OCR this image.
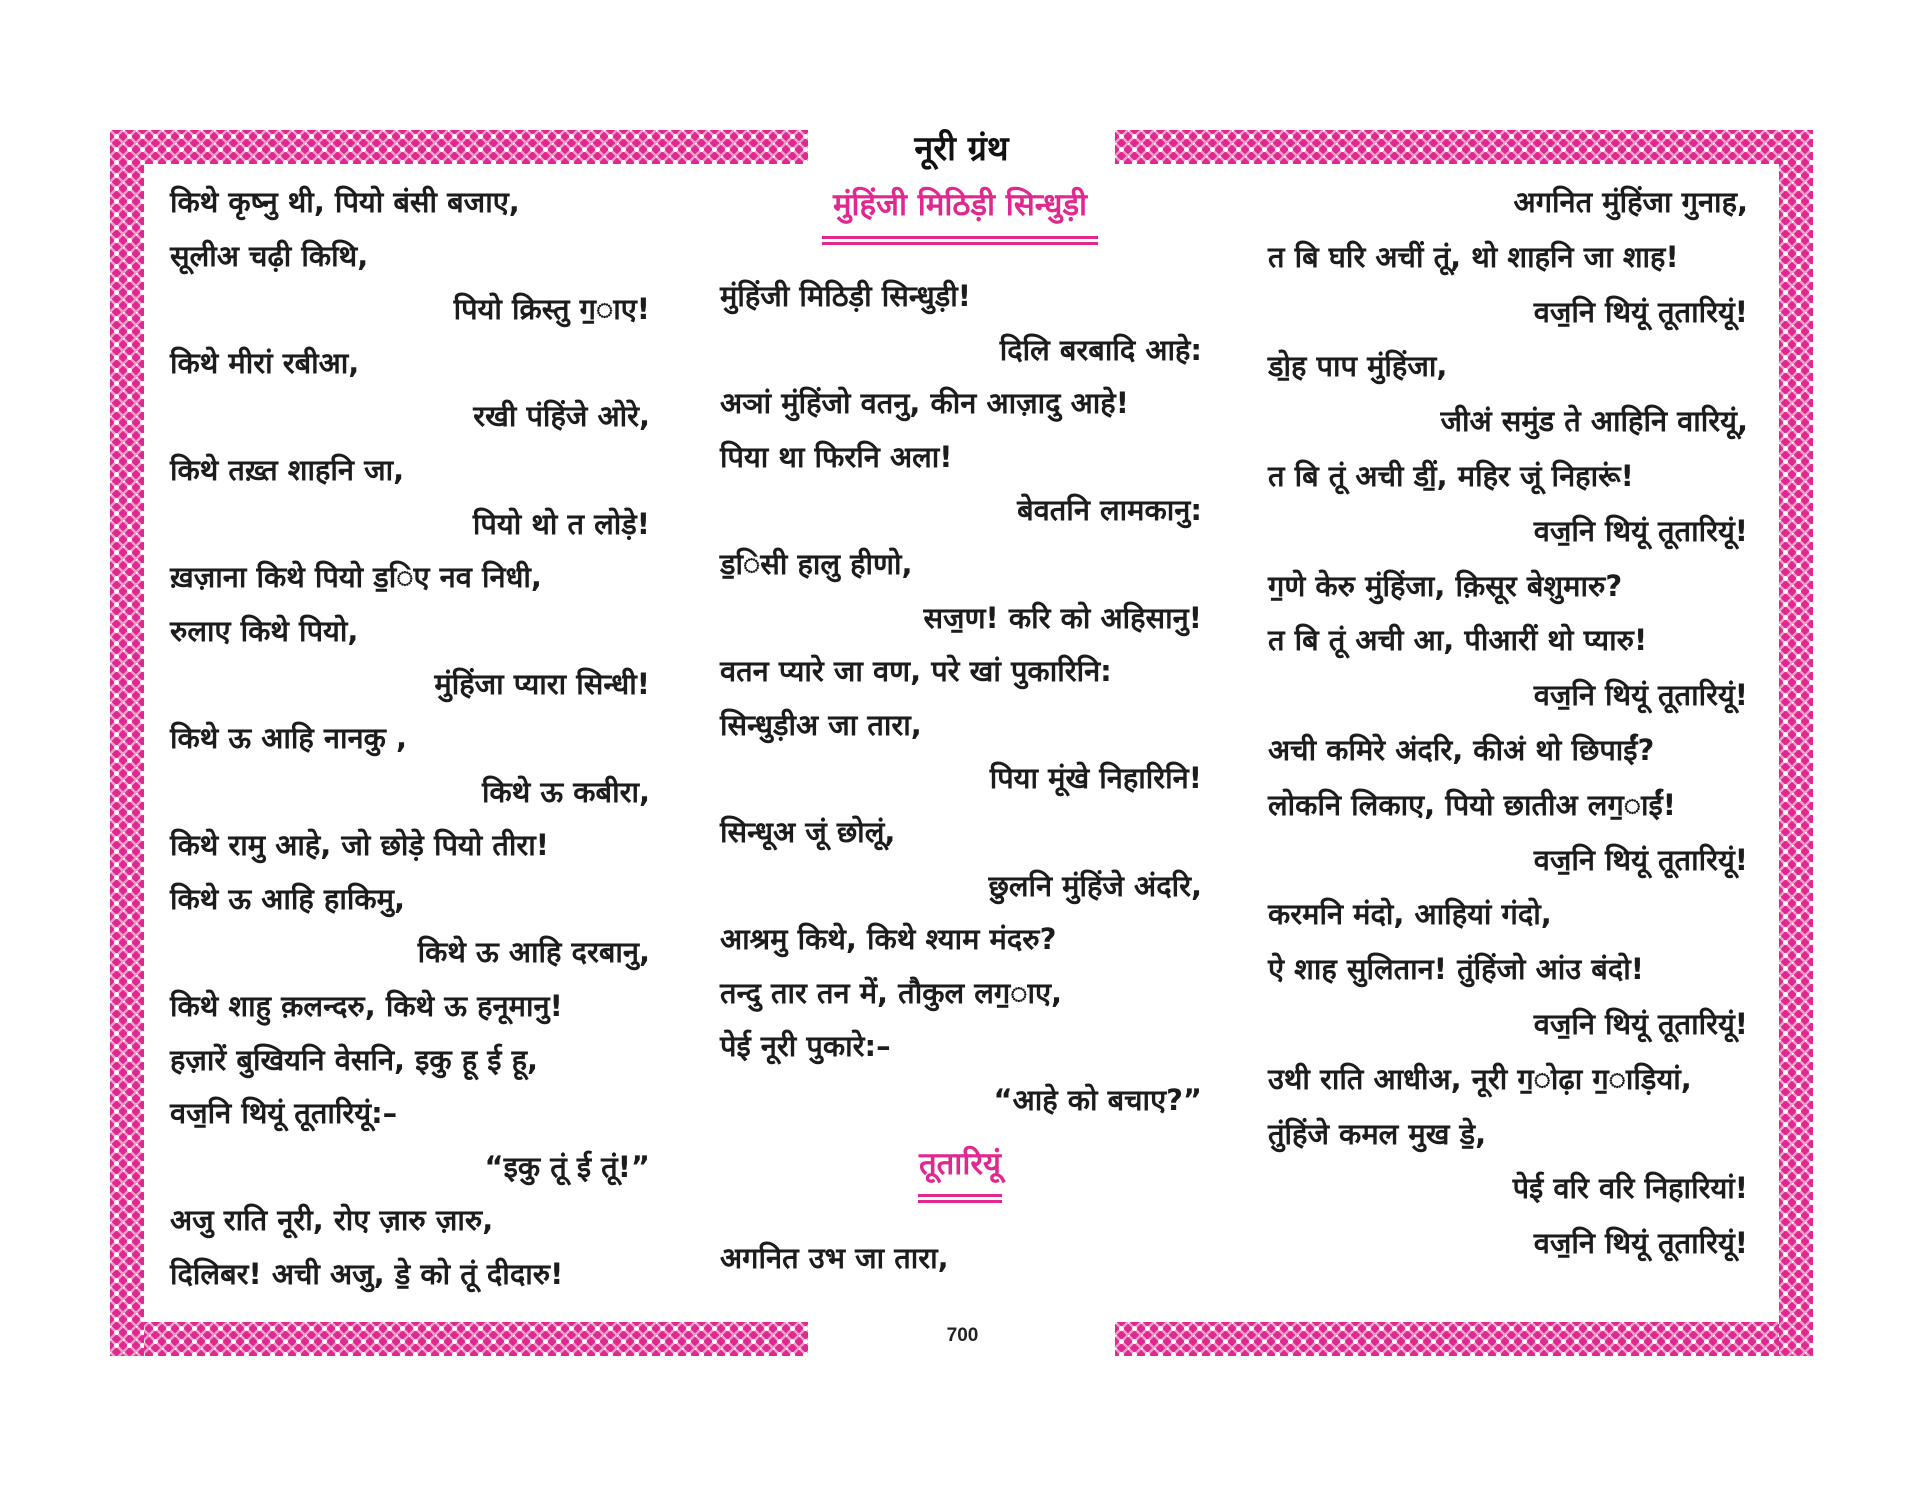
नूरी ग्रंथ
किथे कृष्नु थी, पियो बंसी बजाए,
सूलीअ चढ़ी किथि,
पियो क्रिस्तु ग॒ाए!
किथे मीरां रबीआ,
रखी पंहिंजे ओरे,
किथे तख़्त शाहनि जा,
पियो थो त लोड़े!
ख़ज़ाना किथे पियो ड॒िए नव निधी,
रुलाए किथे पियो,
मुंहिंजा प्यारा सिन्धी!
किथे ऊ आहि नानकु ,
किथे ऊ कबीरा,
किथे रामु आहे, जो छोड़े पियो तीरा!
किथे ऊ आहि हाकिमु,
किथे ऊ आहि दरबानु,
किथे शाहु क़लन्दरु, किथे ऊ हनूमानु!
हज़ारें बुखियनि वेसनि, इकु हू ई हू,
वज॒नि थियूं तूतारियूं:–
“इकु तूं ई तूं!”
अजु राति नूरी, रोए ज़ारु ज़ारु,
दिलिबर! अची अजु, डे॒ को तूं दीदारु!
मुंहिंजी मिठिड़ी सिन्धुड़ी
मुंहिंजी मिठिड़ी सिन्धुड़ी!
दिलि बरबादि आहे:
अञां मुंहिंजो वतनु, कीन आज़ादु आहे!
पिया था फिरनि अला!
बेवतनि लामकानु:
ड॒िसी हालु हीणो,
सज॒ण! करि को अहिसानु!
वतन प्यारे जा वण, परे खां पुकारिनि:
सिन्धुड़ीअ जा तारा,
पिया मूंखे निहारिनि!
सिन्धूअ जूं छोलूं,
छुलनि मुंहिंजे अंदरि,
आश्रमु किथे, किथे श्याम मंदरु?
तन्दु तार तन में, तौकुल लग॒ाए,
पेई नूरी पुकारे:–
“आहे को बचाए?”
तूतारियूं
अगनित उभ जा तारा,
अगनित मुंहिंजा गुनाह,
त बि घरि अचीं तूं, थो शाहनि जा शाह!
वज॒नि थियूं तूतारियूं!
डो॒ह पाप मुंहिंजा,
जीअं समुंड ते आहिनि वारियूं,
त बि तूं अची डीं॒, महिर जूं निहारूं!
वज॒नि थियूं तूतारियूं!
ग॒णे केरु मुंहिंजा, क़िसूर बेशुमारु?
त बि तूं अची आ, पीआरीं थो प्यारु!
वज॒नि थियूं तूतारियूं!
अची कमिरे अंदरि, कीअं थो छिपाईं?
लोकनि लिकाए, पियो छातीअ लग॒ाईं!
वज॒नि थियूं तूतारियूं!
करमनि मंदो, आहियां गंदो,
ऐ शाह सुलितान! तुंहिंजो आंउ बंदो!
वज॒नि थियूं तूतारियूं!
उथी राति आधीअ, नूरी ग॒ोढ़ा ग॒ाड़ियां,
तुंहिंजे कमल मुख डे॒,
पेई वरि वरि निहारियां!
वज॒नि थियूं तूतारियूं!
700
